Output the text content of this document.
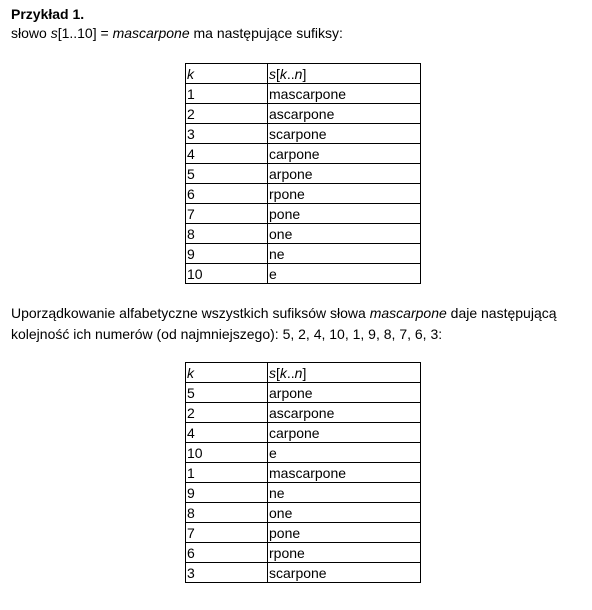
Przykład 1.
słowo s[1..10] = mascarpone ma następujące sufiksy:
k	s[k..n]
1	mascarpone
2	ascarpone
3	scarpone
4	carpone
5	arpone
6	rpone
7	pone
8	one
9	ne
10	e
Uporządkowanie alfabetyczne wszystkich sufiksów słowa mascarpone daje następującą kolejność ich numerów (od najmniejszego): 5, 2, 4, 10, 1, 9, 8, 7, 6, 3:
k	s[k..n]
5	arpone
2	ascarpone
4	carpone
10	e
1	mascarpone
9	ne
8	one
7	pone
6	rpone
3	scarpone
